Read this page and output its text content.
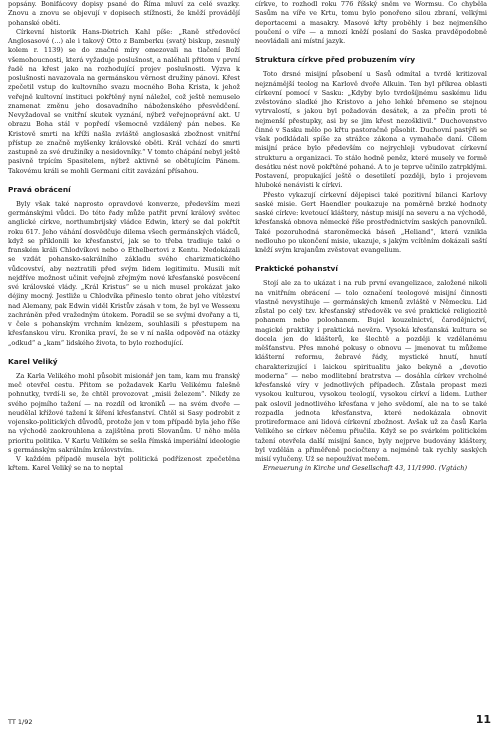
popsány. Bonifácovy dopisy psané do Říma mluví za celé svazky. Znovu a znovu se objevují v dopisech stížnosti, že kněží provádějí pohanské oběti.

Církevní historik Hans-Dietrich Kahl píše: „Raně středověcí Anglosasové (...) ale i takový Otto z Bamberku (svatý biskup, zesnulý kolem r. 1139) se do značné míry omezovali na tlačení Boží všemohoucnosti, která vyžaduje poslušnost, a naléhali přitom v první řadě na křest jako na rozhodující projev poslušnosti. Výzva k poslušnosti navazovala na germánskou věrnost družiny pánovi. Křest zpečetil vstup do kultovního svazu mocného Boha Krista, k jehož veřejně kultovní instituci pokřtěný nyní náležel, což ještě nemuselo znamenat změnu jeho dosavadního náboženského přesvědčení. Nevyžadoval se vnitřní skutek vyznání, nýbrž veřejnoprávní akt. U obrazu Boha stál v popředí všemocně vzdálený pán nebes. Ke Kristově smrti na kříži našla zvláště anglosaská zbožnost vnitřní přístup ze značně mylšenky královské oběti. Král vchází do smrti zastupně za své družiníky a nesidovníky.“ V tomto chápání nebyl ještě pasivně trpícím Spasitelem, nýbrž aktivně se obětujícím Pánem. Takovému králi se mohli Germani cítit zavázání přísahou.

Pravá obrácení

Byly však také naprosto opravdové konverze, především mezi germánskými vůdci. Do této řady může patřit první králový světec anglické církve, northumbrijský vládce Edwin, který se dal pokřtít roku 617. Jeho váhání dosvědčuje dilema všech germánských vládců, když se přiklonili ke křesťanství, jak se to třeba tradiuje také o franském králi Chlodvíkovi nebo o Ethelbertovi z Kentu. Nedokázali se vzdát pohansko-sakrálního základu svého charizmatického vůdcovství, aby neztratili před svým lidem legitimitu. Musili mít nejdříve možnost učinit veřejně zřejmým nové křesťanské posvěcení své královské vlády. „Král Kristus“ se u nich musel prokázat jako déjiny mocný. Jestliže u Chlodvíka přineslo tento obrat jeho vítězství nad Alemany, pak Edwin viděl Kristův zásah v tom, že byl ve Wessexu zachráněn před vražedným útokem. Poradil se se svými dvořany a ti, v čele s pohanským vrchním knězem, souhlasili s přestupem na křesťanskou víru. Kronika praví, že se v ní našla odpověď na otázky „odkud“ a „kam“ lidského života, to bylo rozhodující.

Karel Veliký

Za Karla Velikého mohl působit misionář jen tam, kam mu franský meč otevřel cestu. Přitom se požadavek Karlu Velikému falešně pohnutky, tvrdí-li se, že chtěl provozovat „misii železem“. Nikdy ze svého pojmího tažení — na rozdíl od kroniků — na svém dvoře — neudělal křížové tažení k šíření křesťanství. Chtěl si Sasy podrobit z vojensko-politických důvodů, protože jen v tom případě byla jeho říše na východě zaokrouhlena a zajištěna proti Slovanům. U něho měla prioritu politika. V Karlu Velikém se sešla římská imperiální ideologie s germánským sakrálním královstvím.

V každém případě musela být politická podřízenost zpečetěna křtem. Karel Veliký se na to neptal

církve, to rozhodl roku 776 říšský sněm ve Wormsu. Co chyběla Sasům na víře ve Krtu, tomu bylo ponořeno silou zbraní, velkými deportacemi a masakry. Masové křty proběhly i bez nejmenšího poučení o víře — a mnozí kněží poslaní do Saska pravděpodobně neovládali ani místní jazyk.

Struktura církve před probuzením víry

Toto drsné misijní působení u Sasů odmítal a tvrdě kritizoval nejznámější teolog na Karlově dvoře Alkuin. Ten byl příkrea oblasti církevní pomocí v Sasku: „Kdyby bylo tvrdošíjnému saskému lidu zvěstováno sladké jho Kristovo a jeho lehké břemeno se stejnou vytrvalostí, s jakou byl požadován desátek, a za přečin proti té nejmenší přestupky, asi by se jim křest nezošklivil.“ Duchovenstvo činné v Sasku mělo po křtu pastoračně působit. Duchovní pastýři se však podkládali spíše za strážce zákona a vymahače daní. Cílem misijní práce bylo především co nejrychleji vybudovat církevní strukturu a organizaci. To stálo hodně peněz, které musely ve formě desátku nést nově pokřtěné pohané. A to je teprve učinilo zatrpklými. Postavení, propukající ještě o desetiletí později, bylo i projevem hluboké nenávisti k církvi.

Přesto vykazují církevní dějepisci také pozitivní bilanci Karlovy saské misie. Gert Haendler poukazuje na poměrně brzké hodnoty saské církve: kvetoucí kláštery, nástup misijí na severu a na východě, křesťanská obnova německé říše prostřednictvím saských panovníků. Také pozoruhodná staroněmecká báseň „Heliand“, která vznikla nedlouho po ukončení misie, ukazuje, s jakým vcítěním dokázali saští kněží svým krajanům zvěstovat evangelium.

Praktické pohanství

Stojí ale za to ukázat i na rub první evangelizace, založené nikoli na vnitřním obrácení — tolo označení teologové misijní činnosti vlastně nevystihuje — germánských kmenů zvláště v Německu. Lid zůstal po celý tzv. křesťanský středověk ve své praktické religiozitě pohanem nebo poloohanem. Bujel kouzelnictví, čarodějnictví, magické praktiky i praktická nevěra. Vysoká křesťanská kultura se docela jen do klášterů, ke šlechtě a později k vzdělanému měšťanstvu. Přes mnohé pokusy o obnovu — jmenovat tu můžeme klášterní reformu, žebravé řády, mystické hnutí, hnutí charakterizující i laickou spiritualitu jako bekyně a „devotio moderna“ — nebo modlitební bratrstva — dosáhla církev vrcholné křesťanské víry v jednotlivých případech. Zůstala propast mezi vysokou kulturou, vysokou teologií, vysokou církví a lidem. Luther pak oslovil jednotlivého křesťana v jeho svědomí, ale na to se také rozpadla jednota křesťanstva, které nedokázala obnovit protireformace ani lidová církevní zbožnost. Avšak už za časů Karla Velikého se církev něčemu přiučila. Když se po svárkém politickém tažení otevřela další misijní šance, byly nejprve budovány kláštery, byl vzdělán a přiměřeně pociočteny a nejméně tak rychly saských misií vylučeny. Už se nepoužívat mečem.

Erneuerung in Kirche und Gesellschaft 43, 11/1990. (Vgtách)

TT 1/92	11
